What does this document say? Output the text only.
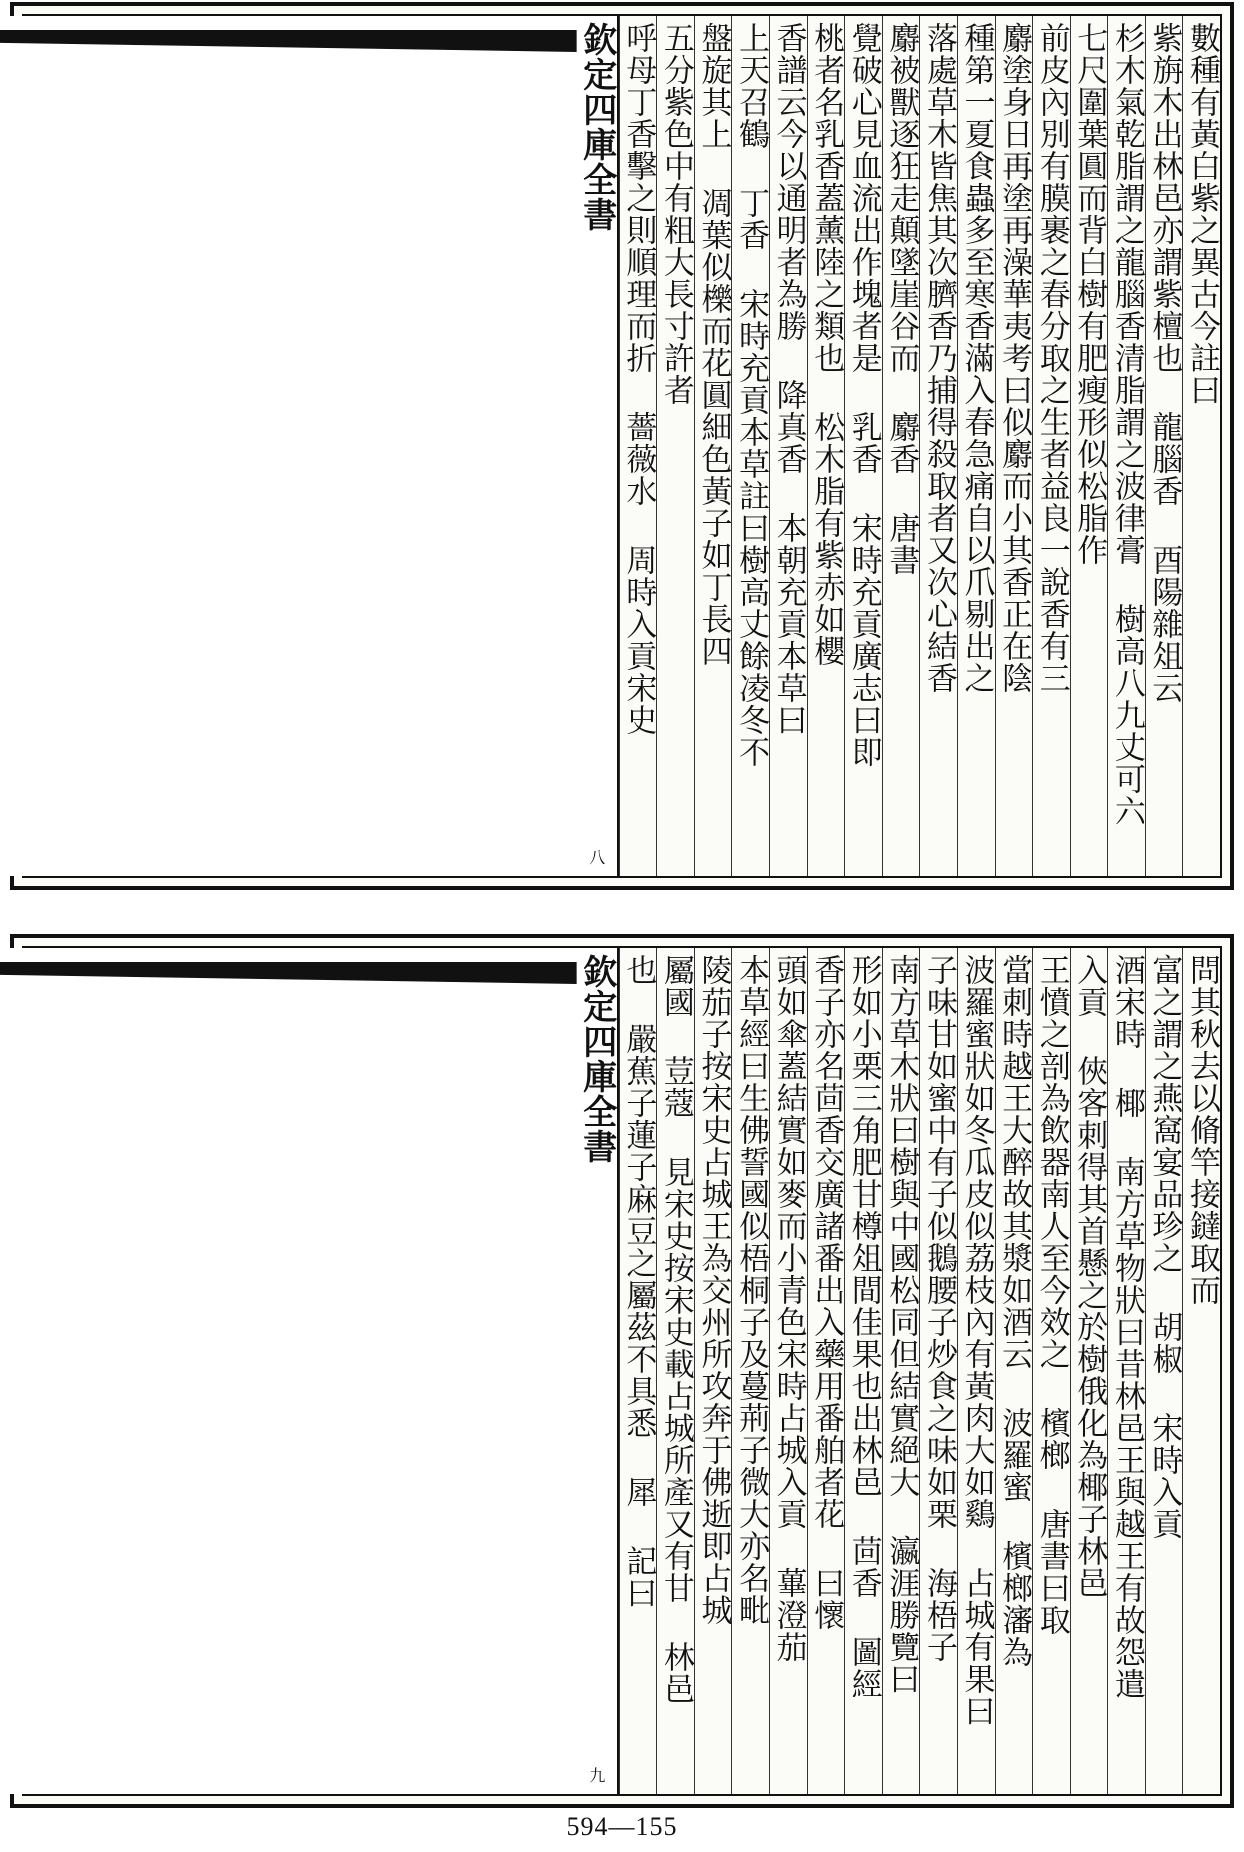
數種有黃白紫之異古今註曰
紫旃木出林邑亦謂紫檀也 龍腦香 酉陽雜俎云
杉木氣乾脂謂之龍腦香清脂謂之波律膏 樹高八九丈可六
七尺圍葉圓而背白樹有肥瘦形似松脂作
前皮內別有膜裹之春分取之生者益良一說香有三
麝塗身日再塗再澡華夷考曰似麝而小其香正在陰
種第一夏食蟲多至寒香滿入春急痛自以爪剔出之
落處草木皆焦其次臍香乃捕得殺取者又次心結香
麝被獸逐狂走顛墜崖谷而 麝香 唐書
覺破心見血流出作塊者是 乳香 宋時充貢廣志曰即
桃者名乳香蓋薰陸之類也 松木脂有紫赤如櫻
香譜云今以通明者為勝 降真香 本朝充貢本草曰
上天召鶴 丁香 宋時充貢本草註曰樹高丈餘凌冬不
盤旋其上 凋葉似櫟而花圓細色黃子如丁長四
五分紫色中有粗大長寸許者
呼母丁香擊之則順理而折 薔薇水 周時入貢宋史
欽定四庫全書
八
問其秋去以脩竿接鐽取而
富之謂之燕窩宴品珍之 胡椒 宋時入貢
酒宋時 椰 南方草物狀曰昔林邑王與越王有故怨遣
入貢 俠客刺得其首懸之於樹俄化為椰子林邑
王憤之剖為飲器南人至今效之 檳榔 唐書曰取
當刺時越王大醉故其漿如酒云 波羅蜜 檳榔瀋為
波羅蜜狀如冬瓜皮似荔枝內有黃肉大如鷄 占城有果曰
子味甘如蜜中有子似鵝腰子炒食之味如栗 海梧子
南方草木狀曰樹與中國松同但結實絕大 瀛涯勝覽曰
形如小栗三角肥甘樽俎間佳果也出林邑 茴香 圖經
香子亦名茴香交廣諸番出入藥用番舶者花 曰懷
頭如傘蓋結實如麥而小青色宋時占城入貢 蓽澄茄
本草經曰生佛誓國似梧桐子及蔓荊子微大亦名毗
陵茄子按宋史占城王為交州所攻奔于佛逝即占城
屬國 荳蔻 見宋史按宋史載占城所產又有甘 林邑
也 嚴蕉子蓮子麻豆之屬茲不具悉 犀 記曰
欽定四庫全書
九
594—155
